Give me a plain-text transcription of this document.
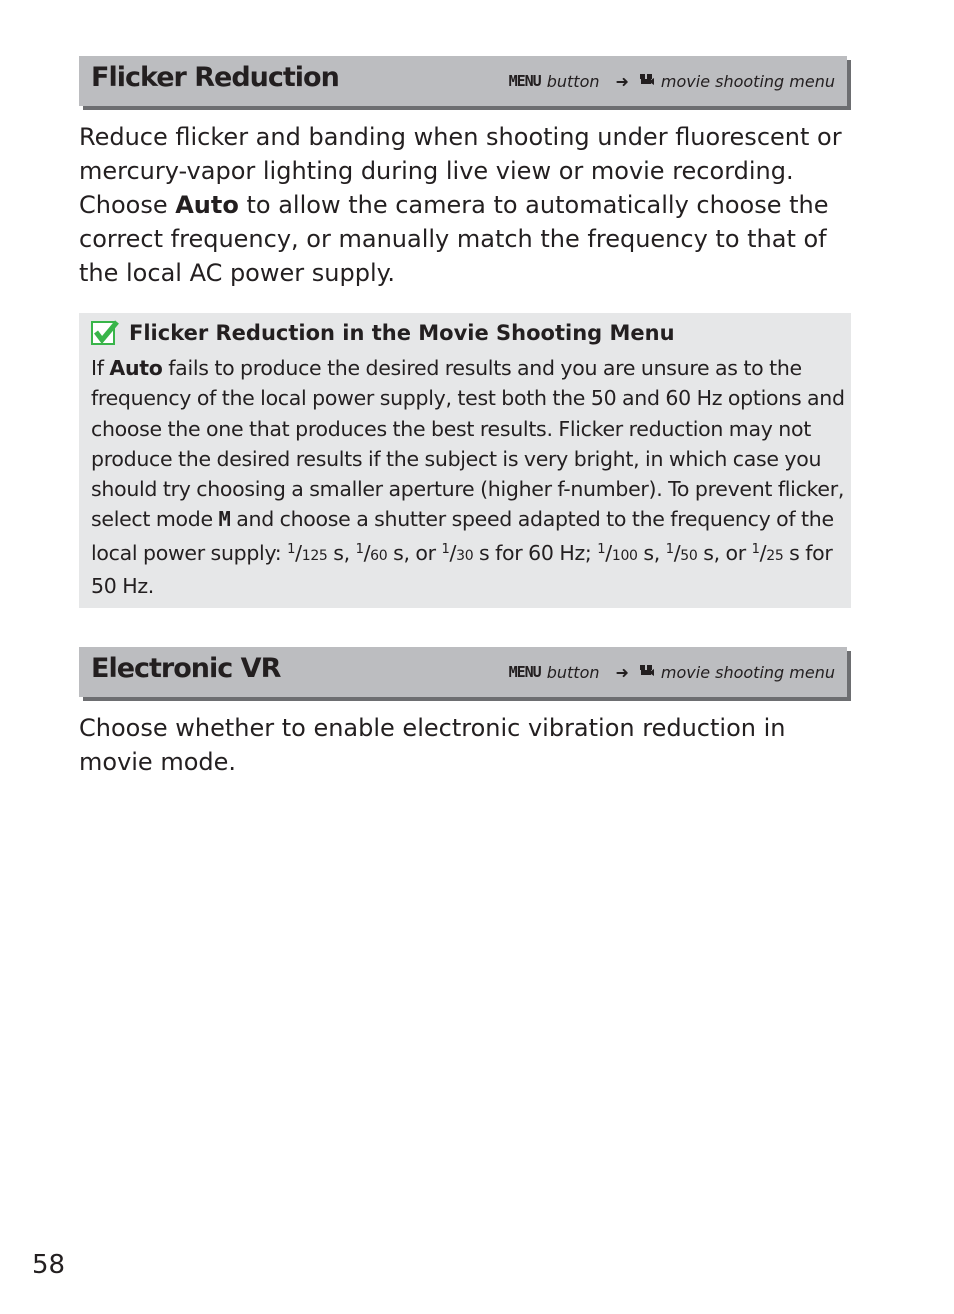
Flicker Reduction	MENU button ➜ movie shooting menu
Reduce flicker and banding when shooting under fluorescent or mercury-vapor lighting during live view or movie recording. Choose Auto to allow the camera to automatically choose the correct frequency, or manually match the frequency to that of the local AC power supply.
Flicker Reduction in the Movie Shooting Menu
If Auto fails to produce the desired results and you are unsure as to the frequency of the local power supply, test both the 50 and 60 Hz options and choose the one that produces the best results. Flicker reduction may not produce the desired results if the subject is very bright, in which case you should try choosing a smaller aperture (higher f-number). To prevent flicker, select mode M and choose a shutter speed adapted to the frequency of the local power supply: $^1$/125 s, $^1$/60 s, or $^1$/30 s for 60 Hz; $^1$/100 s, $^1$/50 s, or $^1$/25 s for 50 Hz.
Electronic VR	MENU button ➜ movie shooting menu
Choose whether to enable electronic vibration reduction in movie mode.
58
